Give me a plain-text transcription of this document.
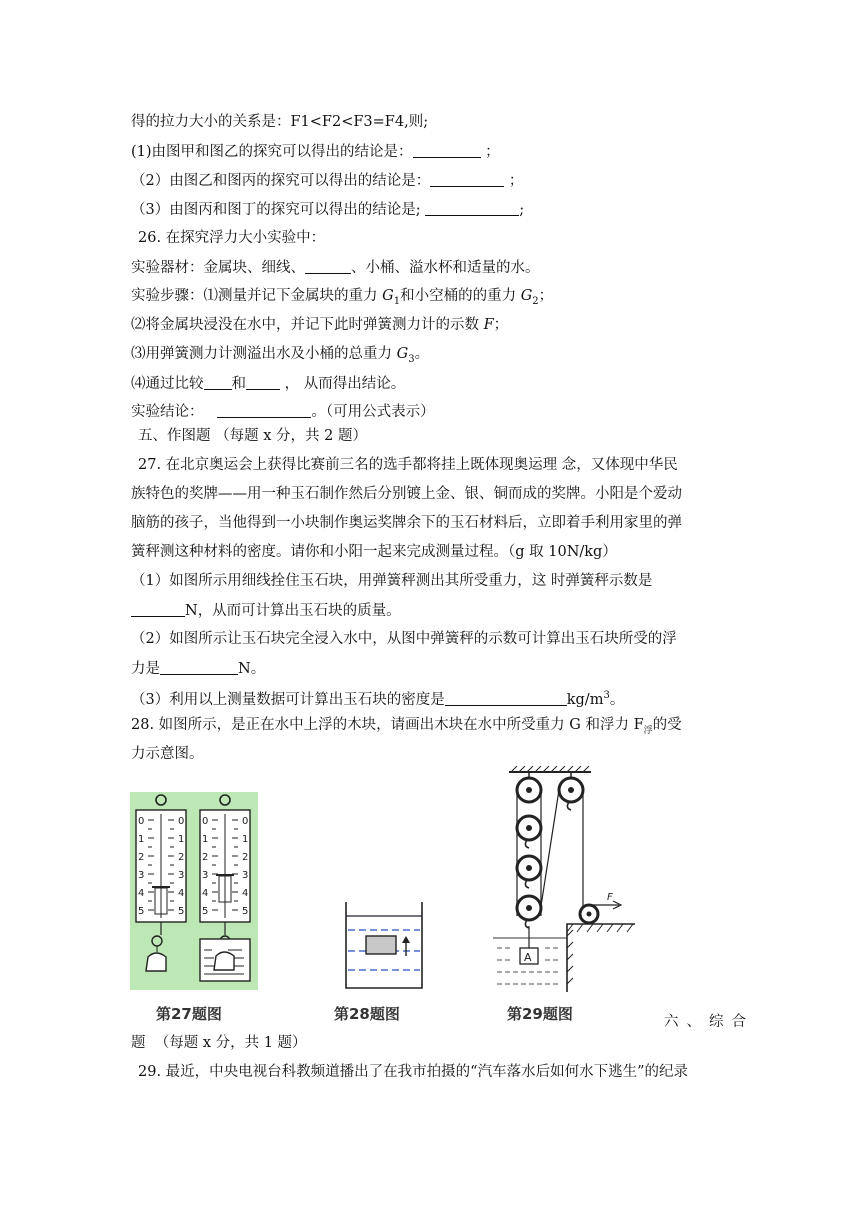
得的拉力大小的关系是：F1<F2<F3=F4,则;
(1)由图甲和图乙的探究可以得出的结论是：	；
（2）由图乙和图丙的探究可以得出的结论是：	；
（3）由图丙和图丁的探究可以得出的结论是;	;
26. 在探究浮力大小实验中：
实验器材：金属块、细线、	、小桶、溢水杯和适量的水。
实验步骤：⑴测量并记下金属块的重力 $G_1$和小空桶的的重力 $G_2$；
⑵将金属块浸没在水中，并记下此时弹簧测力计的示数 F；
⑶用弹簧测力计测溢出水及小桶的总重力 $G_3$。
⑷通过比较 和	， 从而得出结论。
实验结论：	。（可用公式表示）
五、作图题 （每题 x 分，共 2 题）
27. 在北京奥运会上获得比赛前三名的选手都将挂上既体现奥运理 念，又体现中华民
族特色的奖牌——用一种玉石制作然后分别镀上金、银、铜而成的奖牌。小阳是个爱动
脑筋的孩子，当他得到一小块制作奥运奖牌余下的玉石材料后，立即着手利用家里的弹
簧秤测这种材料的密度。请你和小阳一起来完成测量过程。（g 取 10N/kg）
（1）如图所示用细线拴住玉石块，用弹簧秤测出其所受重力，这 时弹簧秤示数是
N，从而可计算出玉石块的质量。
（2）如图所示让玉石块完全浸入水中，从图中弹簧秤的示数可计算出玉石块所受的浮
力是	N。
（3）利用以上测量数据可计算出玉石块的密度是	$kg/m^3$。
28. 如图所示，是正在水中上浮的木块，请画出木块在水中所受重力 G 和浮力 $F_浮$的受
力示意图。
0
1
2
3
4
5
0
1
2
3
4
5
0
1
2
3
4
5
0
1
2
3
4
5
第27题图	第28题图
F
A
第29题图	六、综合
题 （每题 x 分，共 1 题）
29. 最近，中央电视台科教频道播出了在我市拍摄的“汽车落水后如何水下逃生”的纪录
